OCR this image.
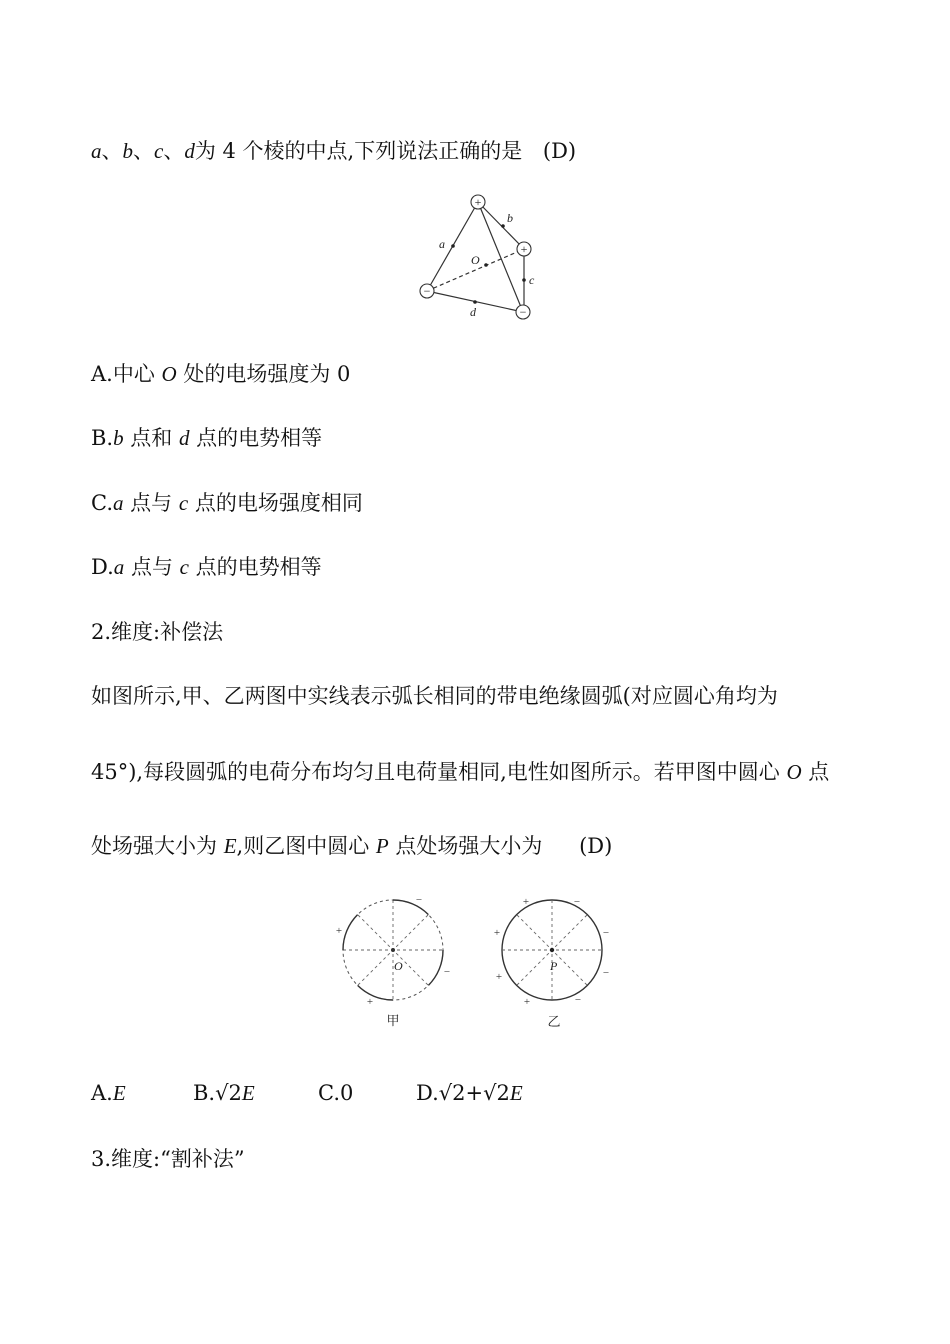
a、b、c、d为 4 个棱的中点,下列说法正确的是 (D)
+
+
−
−
a
b
c
d
O
A.中心 O 处的电场强度为 0
B.b 点和 d 点的电势相等
C.a 点与 c 点的电场强度相同
D.a 点与 c 点的电势相等
2.维度:补偿法
如图所示,甲、乙两图中实线表示弧长相同的带电绝缘圆弧(对应圆心角均为
45°),每段圆弧的电荷分布均匀且电荷量相同,电性如图所示。若甲图中圆心 O 点
处场强大小为 E,则乙图中圆心 P 点处场强大小为 (D)
−
+
−
+
O
甲
+	−
+	−
+	−
+	−
P
乙
A.E	B.√2E	C.0	D.√2+√2E
3.维度:“割补法”
